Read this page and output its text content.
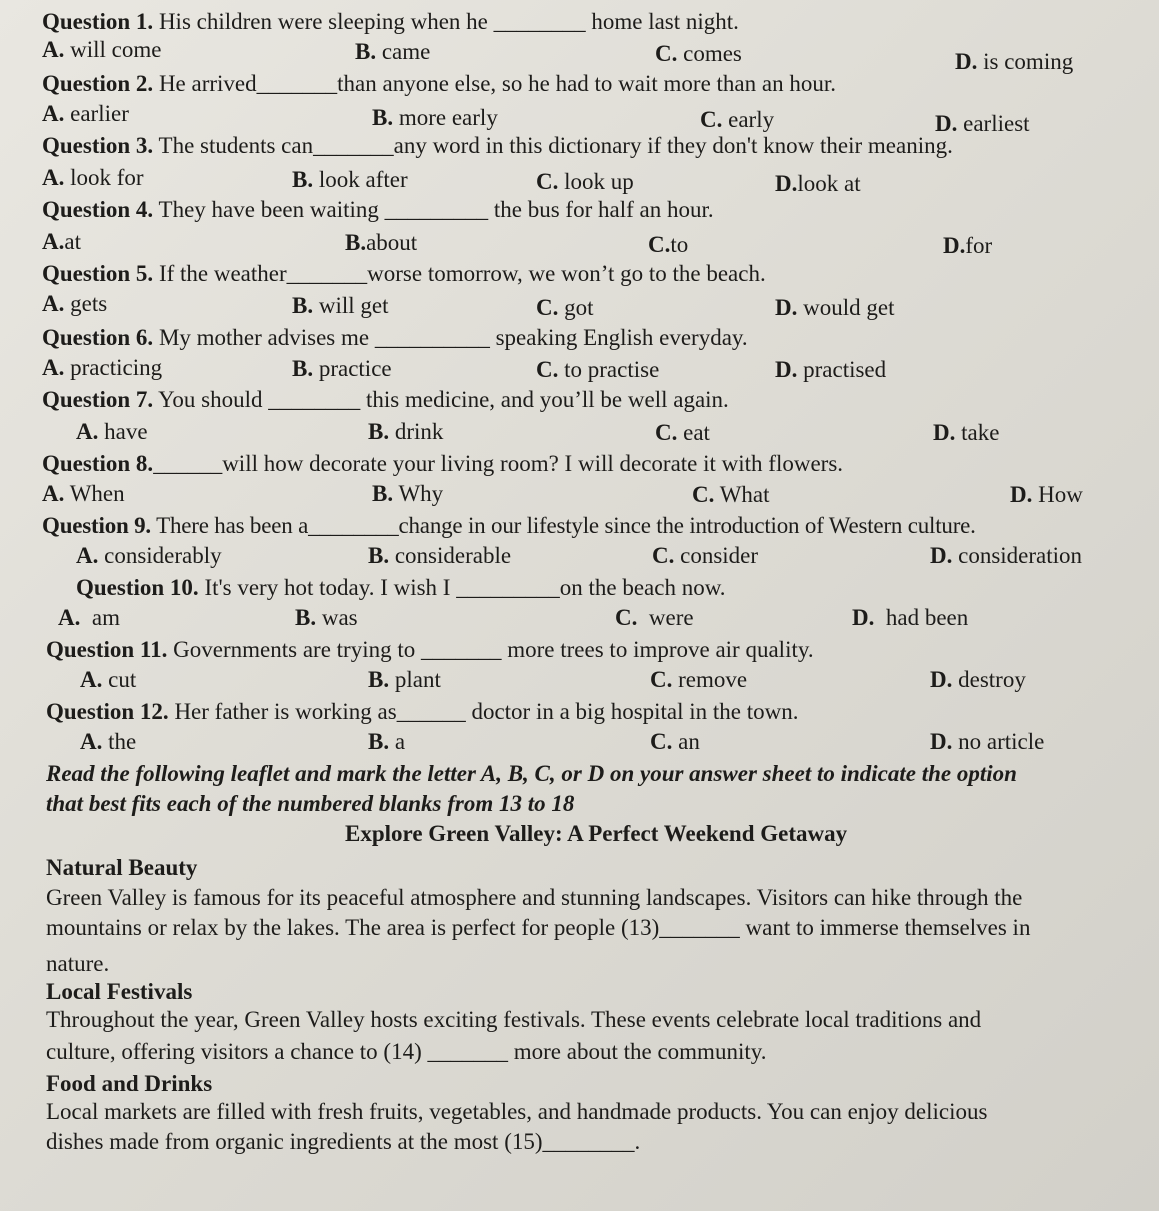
Question 1. His children were sleeping when he ________ home last night.
A. will come	B. came	C. comes	D. is coming
Question 2. He arrived_______than anyone else, so he had to wait more than an hour.
A. earlier	B. more early	C. early	D. earliest
Question 3. The students can_______any word in this dictionary if they don't know their meaning.
A. look for	B. look after	C. look up	D.look at
Question 4. They have been waiting _________ the bus for half an hour.
A.at	B.about	C.to	D.for
Question 5. If the weather_______worse tomorrow, we won’t go to the beach.
A. gets	B. will get	C. got	D. would get
Question 6. My mother advises me __________ speaking English everyday.
A. practicing	B. practice	C. to practise	D. practised
Question 7. You should ________ this medicine, and you’ll be well again.
A. have	B. drink	C. eat	D. take
Question 8.______will how decorate your living room? I will decorate it with flowers.
A. When	B. Why	C. What	D. How
Question 9. There has been a________change in our lifestyle since the introduction of Western culture.
A. considerably	B. considerable	C. consider	D. consideration
Question 10. It's very hot today. I wish I _________on the beach now.
A. am	B. was	C. were	D. had been
Question 11. Governments are trying to _______ more trees to improve air quality.
A. cut	B. plant	C. remove	D. destroy
Question 12. Her father is working as______ doctor in a big hospital in the town.
A. the	B. a	C. an	D. no article
Read the following leaflet and mark the letter A, B, C, or D on your answer sheet to indicate the option
that best fits each of the numbered blanks from 13 to 18
Explore Green Valley: A Perfect Weekend Getaway
Natural Beauty
Green Valley is famous for its peaceful atmosphere and stunning landscapes. Visitors can hike through the
mountains or relax by the lakes. The area is perfect for people (13)_______ want to immerse themselves in
nature.
Local Festivals
Throughout the year, Green Valley hosts exciting festivals. These events celebrate local traditions and
culture, offering visitors a chance to (14) _______ more about the community.
Food and Drinks
Local markets are filled with fresh fruits, vegetables, and handmade products. You can enjoy delicious
dishes made from organic ingredients at the most (15)________.
